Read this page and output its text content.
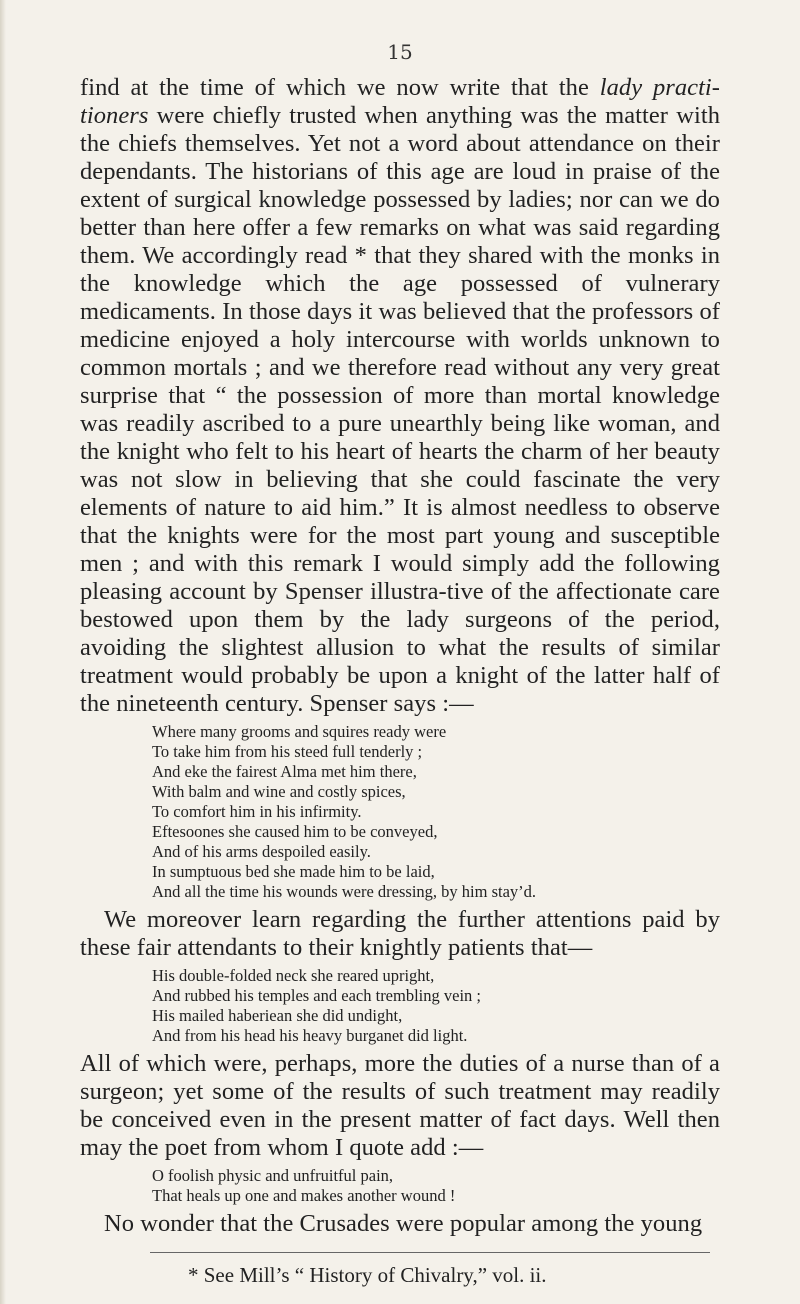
15

find at the time of which we now write that the lady practi-tioners were chiefly trusted when anything was the matter with the chiefs themselves. Yet not a word about attendance on their dependants. The historians of this age are loud in praise of the extent of surgical knowledge possessed by ladies; nor can we do better than here offer a few remarks on what was said regarding them. We accordingly read * that they shared with the monks in the knowledge which the age possessed of vulnerary medicaments. In those days it was believed that the professors of medicine enjoyed a holy intercourse with worlds unknown to common mortals ; and we therefore read without any very great surprise that “ the possession of more than mortal knowledge was readily ascribed to a pure unearthly being like woman, and the knight who felt to his heart of hearts the charm of her beauty was not slow in believing that she could fascinate the very elements of nature to aid him.” It is almost needless to observe that the knights were for the most part young and susceptible men ; and with this remark I would simply add the following pleasing account by Spenser illustra-tive of the affectionate care bestowed upon them by the lady surgeons of the period, avoiding the slightest allusion to what the results of similar treatment would probably be upon a knight of the latter half of the nineteenth century. Spenser says :—

Where many grooms and squires ready were
To take him from his steed full tenderly ;
And eke the fairest Alma met him there,
With balm and wine and costly spices,
To comfort him in his infirmity.
Eftesoones she caused him to be conveyed,
And of his arms despoiled easily.
In sumptuous bed she made him to be laid,
And all the time his wounds were dressing, by him stay’d.

We moreover learn regarding the further attentions paid by these fair attendants to their knightly patients that—

His double-folded neck she reared upright,
And rubbed his temples and each trembling vein ;
His mailed haberiean she did undight,
And from his head his heavy burganet did light.

All of which were, perhaps, more the duties of a nurse than of a surgeon; yet some of the results of such treatment may readily be conceived even in the present matter of fact days. Well then may the poet from whom I quote add :—

O foolish physic and unfruitful pain,
That heals up one and makes another wound !

No wonder that the Crusades were popular among the young

* See Mill’s “ History of Chivalry,” vol. ii.
